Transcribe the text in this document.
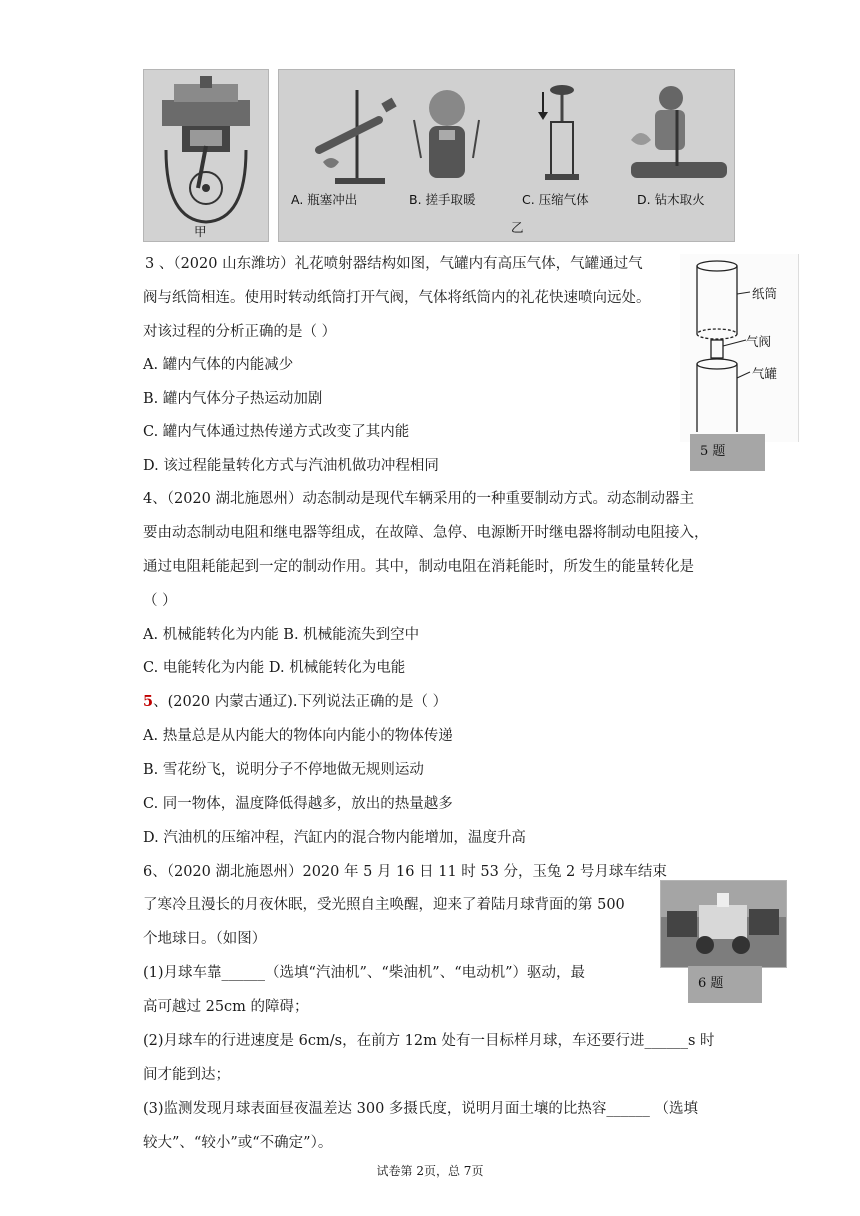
甲
A. 瓶塞冲出	B. 搓手取暖	C. 压缩气体	D. 钻木取火
乙
纸筒
气阀
气罐
5 题
6 题
3 、（2020 山东潍坊）礼花喷射器结构如图，气罐内有高压气体，气罐通过气
阀与纸筒相连。使用时转动纸筒打开气阀，气体将纸筒内的礼花快速喷向远处。
对该过程的分析正确的是（ ）
A. 罐内气体的内能减少
B. 罐内气体分子热运动加剧
C. 罐内气体通过热传递方式改变了其内能
D. 该过程能量转化方式与汽油机做功冲程相同
4、（2020 湖北施恩州）动态制动是现代车辆采用的一种重要制动方式。动态制动器主
要由动态制动电阻和继电器等组成，在故障、急停、电源断开时继电器将制动电阻接入，
通过电阻耗能起到一定的制动作用。其中，制动电阻在消耗能时，所发生的能量转化是
（ ）
A. 机械能转化为内能 B. 机械能流失到空中
C. 电能转化为内能 D. 机械能转化为电能
5、(2020 内蒙古通辽).下列说法正确的是（ ）
A. 热量总是从内能大的物体向内能小的物体传递
B. 雪花纷飞，说明分子不停地做无规则运动
C. 同一物体，温度降低得越多，放出的热量越多
D. 汽油机的压缩冲程，汽缸内的混合物内能增加，温度升高
6、（2020 湖北施恩州）2020 年 5 月 16 日 11 时 53 分，玉兔 2 号月球车结束
了寒冷且漫长的月夜休眠，受光照自主唤醒，迎来了着陆月球背面的第 500
个地球日。（如图）
(1)月球车靠______（选填“汽油机”、“柴油机”、“电动机”）驱动，最
高可越过 25cm 的障碍；
(2)月球车的行进速度是 6cm/s，在前方 12m 处有一目标样月球，车还要行进______s 时
间才能到达；
(3)监测发现月球表面昼夜温差达 300 多摄氏度，说明月面土壤的比热容______ （选填
较大”、“较小”或“不确定”）。
试卷第 2页，总 7页
